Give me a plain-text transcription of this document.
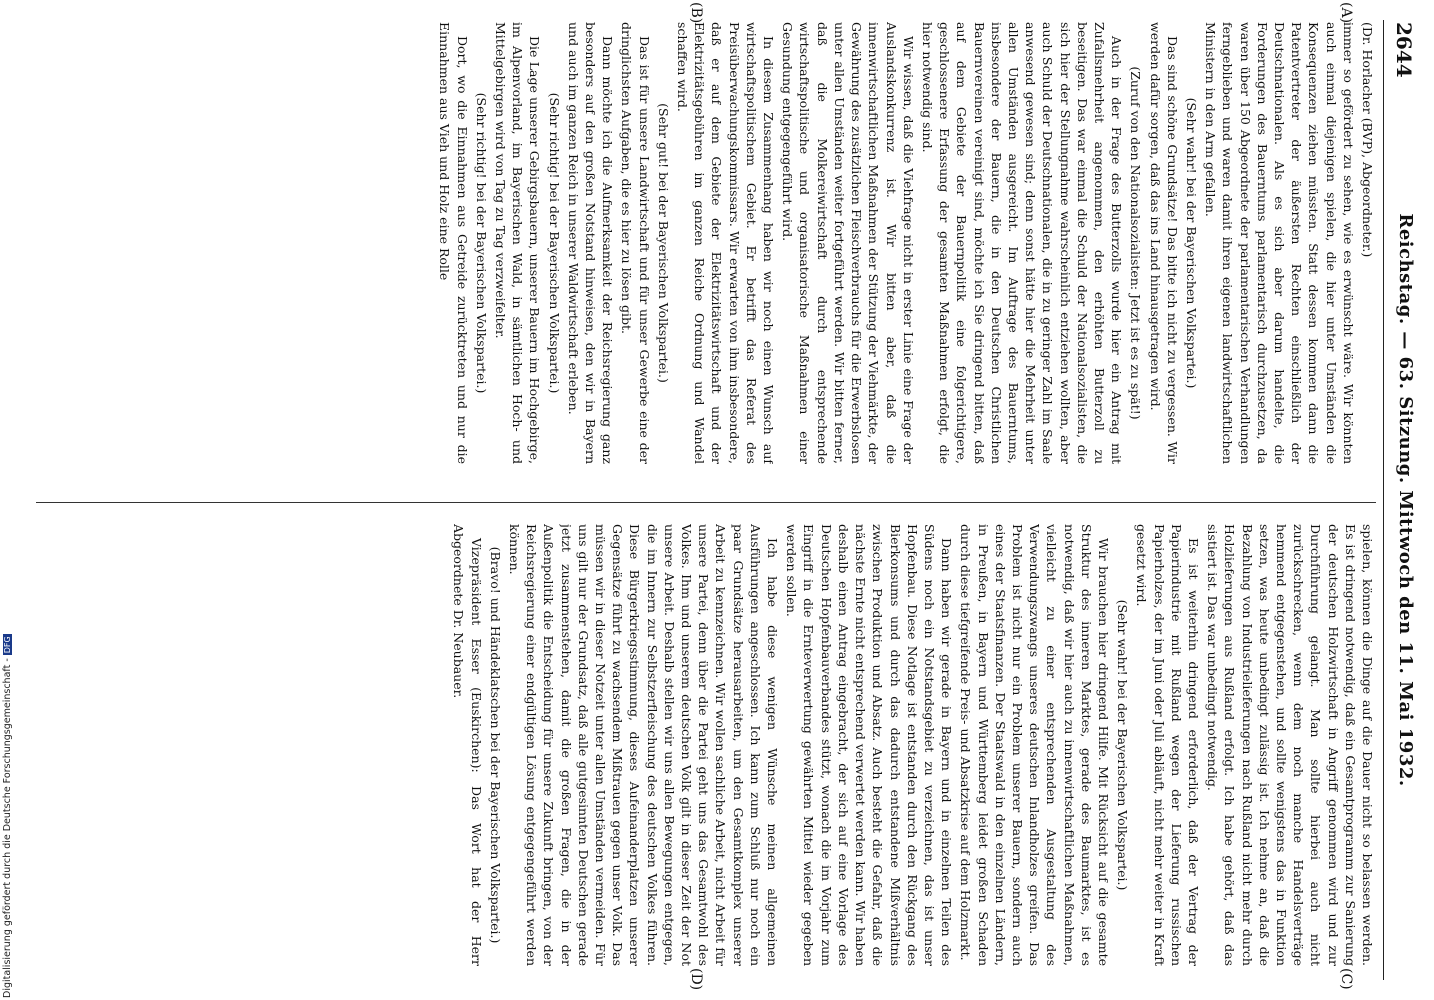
2644
Reichstag. — 63. Sitzung. Mittwoch den 11. Mai 1932.
(A)
(B)
(C)
(D)

(Dr. Horlacher (BVP), Abgeordneter.)

immer so gefördert zu sehen, wie es erwünscht wäre. Wir könnten auch einmal diejenigen spielen, die hier unter Umständen die Konsequenzen ziehen müssten. Statt dessen kommen dann die Patentvertreter der äußersten Rechten einschließlich der Deutschnationalen. Als es sich aber darum handelte, die Forderungen des Bauerntums parlamentarisch durchzusetzen, da waren über 150 Abgeordnete der parlamentarischen Verhandlungen ferngeblieben und waren damit ihren eigenen landwirtschaftlichen Ministern in den Arm gefallen.

(Sehr wahr! bei der Bayerischen Volkspartei.)

Das sind schöne Grundsätze! Das bitte ich nicht zu vergessen. Wir werden dafür sorgen, daß das ins Land hinausgetragen wird.

(Zuruf von den Nationalsozialisten: Jetzt ist es zu spät!)

Auch in der Frage des Butterzolls wurde hier ein Antrag mit Zufallsmehrheit angenommen, den erhöhten Butterzoll zu beseitigen. Das war einmal die Schuld der Nationalsozialisten, die sich hier der Stellungnahme wahrscheinlich entziehen wollten, aber auch Schuld der Deutschnationalen, die in zu geringer Zahl im Saale anwesend gewesen sind; denn sonst hätte hier die Mehrheit unter allen Umständen ausgereicht. Im Auftrage des Bauerntums, insbesondere der Bauern, die in den Deutschen Christlichen Bauernvereinen vereinigt sind, möchte ich Sie dringend bitten, daß auf dem Gebiete der Bauernpolitik eine folgerichtigere, geschlossenere Erfassung der gesamten Maßnahmen erfolgt, die hier notwendig sind.

Wir wissen, daß die Viehfrage nicht in erster Linie eine Frage der Auslandskonkurrenz ist. Wir bitten aber, daß die innenwirtschaftlichen Maßnahmen der Stützung der Viehmärkte, der Gewährung des zusätzlichen Fleischverbrauchs für die Erwerbslosen unter allen Umständen weiter fortgeführt werden. Wir bitten ferner, daß die Molkereiwirtschaft durch entsprechende wirtschaftspolitische und organisatorische Maßnahmen einer Gesundung entgegengeführt wird.

In diesem Zusammenhang haben wir noch einen Wunsch auf wirtschaftspolitischem Gebiet. Er betrifft das Referat des Preisüberwachungskommissars. Wir erwarten von ihm insbesondere, daß er auf dem Gebiete der Elektrizitätswirtschaft und der Elektrizitätsgebühren im ganzen Reiche Ordnung und Wandel schaffen wird.

(Sehr gut! bei der Bayerischen Volkspartei.)

Das ist für unsere Landwirtschaft und für unser Gewerbe eine der dringlichsten Aufgaben, die es hier zu lösen gibt.

Dann möchte ich die Aufmerksamkeit der Reichsregierung ganz besonders auf den großen Notstand hinweisen, den wir in Bayern und auch im ganzen Reich in unserer Waldwirtschaft erleben.

(Sehr richtig! bei der Bayerischen Volkspartei.)

Die Lage unserer Gebirgsbauern, unserer Bauern im Hochgebirge, im Alpenvorland, im Bayerischen Wald, in sämtlichen Hoch- und Mittelgebirgen wird von Tag zu Tag verzweifelter.

(Sehr richtig! bei der Bayerischen Volkspartei.)

Dort, wo die Einnahmen aus Getreide zurücktreten und nur die Einnahmen aus Vieh und Holz eine Rolle

spielen, können die Dinge auf die Dauer nicht so belassen werden. Es ist dringend notwendig, daß ein Gesamtprogramm zur Sanierung der deutschen Holzwirtschaft in Angriff genommen wird und zur Durchführung gelangt. Man sollte hierbei auch nicht zurückschrecken, wenn dem noch manche Handelsverträge hemmend entgegenstehen, und sollte wenigstens das in Funktion setzen, was heute unbedingt zulässig ist. Ich nehme an, daß die Bezahlung von Industrielieferungen nach Rußland nicht mehr durch Holzlieferungen aus Rußland erfolgt. Ich habe gehört, daß das sistiert ist. Das war unbedingt notwendig.

Es ist weiterhin dringend erforderlich, daß der Vertrag der Papierindustrie mit Rußland wegen der Lieferung russischen Papierholzes, der im Juni oder Juli abläuft, nicht mehr weiter in Kraft gesetzt wird.

(Sehr wahr! bei der Bayerischen Volkspartei.)

Wir brauchen hier dringend Hilfe. Mit Rücksicht auf die gesamte Struktur des inneren Marktes, gerade des Baumarktes, ist es notwendig, daß wir hier auch zu innenwirtschaftlichen Maßnahmen, vielleicht zu einer entsprechenden Ausgestaltung des Verwendungszwangs unseres deutschen Inlandholzes greifen. Das Problem ist nicht nur ein Problem unserer Bauern, sondern auch eines der Staatsfinanzen. Der Staatswald in den einzelnen Ländern, in Preußen, in Bayern und Württemberg leidet großen Schaden durch diese tiefgreifende Preis- und Absatzkrise auf dem Holzmarkt.

Dann haben wir gerade in Bayern und in einzelnen Teilen des Südens noch ein Notstandsgebiet zu verzeichnen, das ist unser Hopfenbau. Diese Notlage ist entstanden durch den Rückgang des Bierkonsums und durch das dadurch entstandene Mißverhältnis zwischen Produktion und Absatz. Auch besteht die Gefahr, daß die nächste Ernte nicht entsprechend verwertet werden kann. Wir haben deshalb einen Antrag eingebracht, der sich auf eine Vorlage des Deutschen Hopfenbauverbandes stützt, wonach die im Vorjahr zum Eingriff in die Ernteverwertung gewährten Mittel wieder gegeben werden sollen.

Ich habe diese wenigen Wünsche meinen allgemeinen Ausführungen angeschlossen. Ich kann zum Schluß nur noch ein paar Grundsätze herausarbeiten, um den Gesamtkomplex unserer Arbeit zu kennzeichnen. Wir wollen sachliche Arbeit, nicht Arbeit für unsere Partei, denn über die Partei geht uns das Gesamtwohl des Volkes. Ihm und unserem deutschen Volk gilt in dieser Zeit der Not unsere Arbeit. Deshalb stellen wir uns allen Bewegungen entgegen, die im Innern zur Selbstzerfleischung des deutschen Volkes führen. Diese Bürgerkriegsstimmung, dieses Aufeinanderplatzen unserer Gegensätze führt zu wachsendem Mißtrauen gegen unser Volk. Das müssen wir in dieser Notzeit unter allen Umständen vermeiden. Für uns gilt nur der Grundsatz, daß alle gutgesinnten Deutschen gerade jetzt zusammenstehen, damit die großen Fragen, die in der Außenpolitik die Entscheidung für unsere Zukunft bringen, von der Reichsregierung einer endgültigen Lösung entgegengeführt werden können.

(Bravo! und Händeklatschen bei der Bayerischen Volkspartei.)

Vizepräsident Esser (Euskirchen): Das Wort hat der Herr Abgeordnete Dr. Neubauer.

Digitalisierung gefördert durch die Deutsche Forschungsgemeinschaft -DFG
